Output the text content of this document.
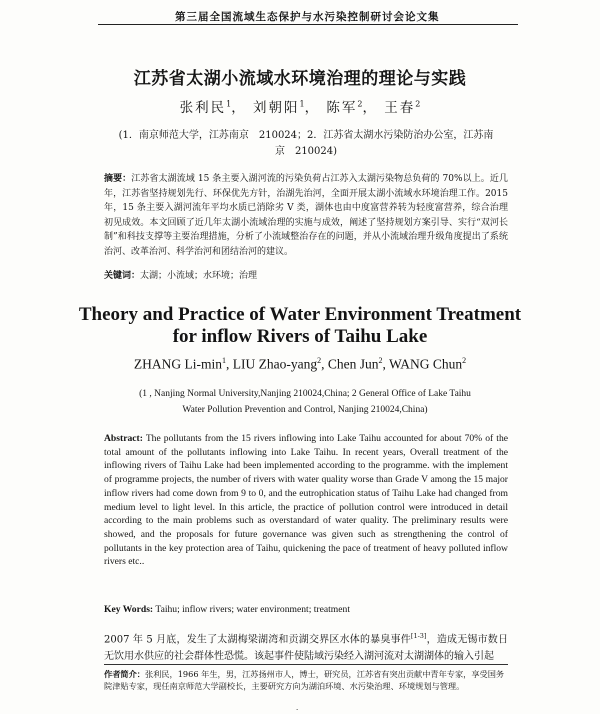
第三届全国流域生态保护与水污染控制研讨会论文集
江苏省太湖小流域水环境治理的理论与实践
张利民$^1$， 刘朝阳$^1$， 陈军$^2$， 王春$^2$
(1．南京师范大学，江苏南京　210024；2．江苏省太湖水污染防治办公室，江苏南京　210024)
摘要：江苏省太湖流域 15 条主要入湖河流的污染负荷占江苏入太湖污染物总负荷的 70%以上。近几年，江苏省坚持规划先行、环保优先方针，治湖先治河，全面开展太湖小流域水环境治理工作。2015 年，15 条主要入湖河流年平均水质已消除劣 V 类，湖体也由中度富营养转为轻度富营养，综合治理初见成效。本文回顾了近几年太湖小流域治理的实施与成效，阐述了坚持规划方案引导、实行“双河长制”和科技支撑等主要治理措施，分析了小流域整治存在的问题，并从小流域治理升级角度提出了系统治河、改革治河、科学治河和团结治河的建议。
关键词：太湖；小流域；水环境；治理
Theory and Practice of Water Environment Treatment
for inflow Rivers of Taihu Lake
ZHANG $Li-\min^1$, LIU Zhao-yang$^2$, Chen Jun$^2$, WANG Chun$^2$
(1 , Nanjing Normal University,Nanjing 210024,China; 2 General Office of Lake Taihu Water Pollution Prevention and Control, Nanjing 210024,China)
Abstract: The pollutants from the 15 rivers inflowing into Lake Taihu accounted for about 70% of the total amount of the pollutants inflowing into Lake Taihu. In recent years, Overall treatment of the inflowing rivers of Taihu Lake had been implemented according to the programme. with the implement of programme projects, the number of rivers with water quality worse than Grade V among the 15 major inflow rivers had come down from 9 to 0, and the eutrophication status of Taihu Lake had changed from medium level to light level. In this article, the practice of pollution control were introduced in detail according to the main problems such as overstandard of water quality. The preliminary results were showed, and the proposals for future governance was given such as strengthening the control of pollutants in the key protection area of Taihu, quickening the pace of treatment of heavy polluted inflow rivers etc..
Key Words: Taihu; inflow rivers; water environment; treatment
2007 年 5 月底，发生了太湖梅梁湖湾和贡湖交界区水体的暴臭事件[1-3]，造成无锡市数日无饮用水供应的社会群体性恐慌。该起事件使陆域污染经入湖河流对太湖湖体的输入引起
作者简介：张利民，1966 年生，男，江苏扬州市人，博士，研究员，江苏省有突出贡献中青年专家，享受国务院津贴专家，现任南京师范大学副校长，主要研究方向为湖泊环境、水污染治理、环境规划与管理。
·
